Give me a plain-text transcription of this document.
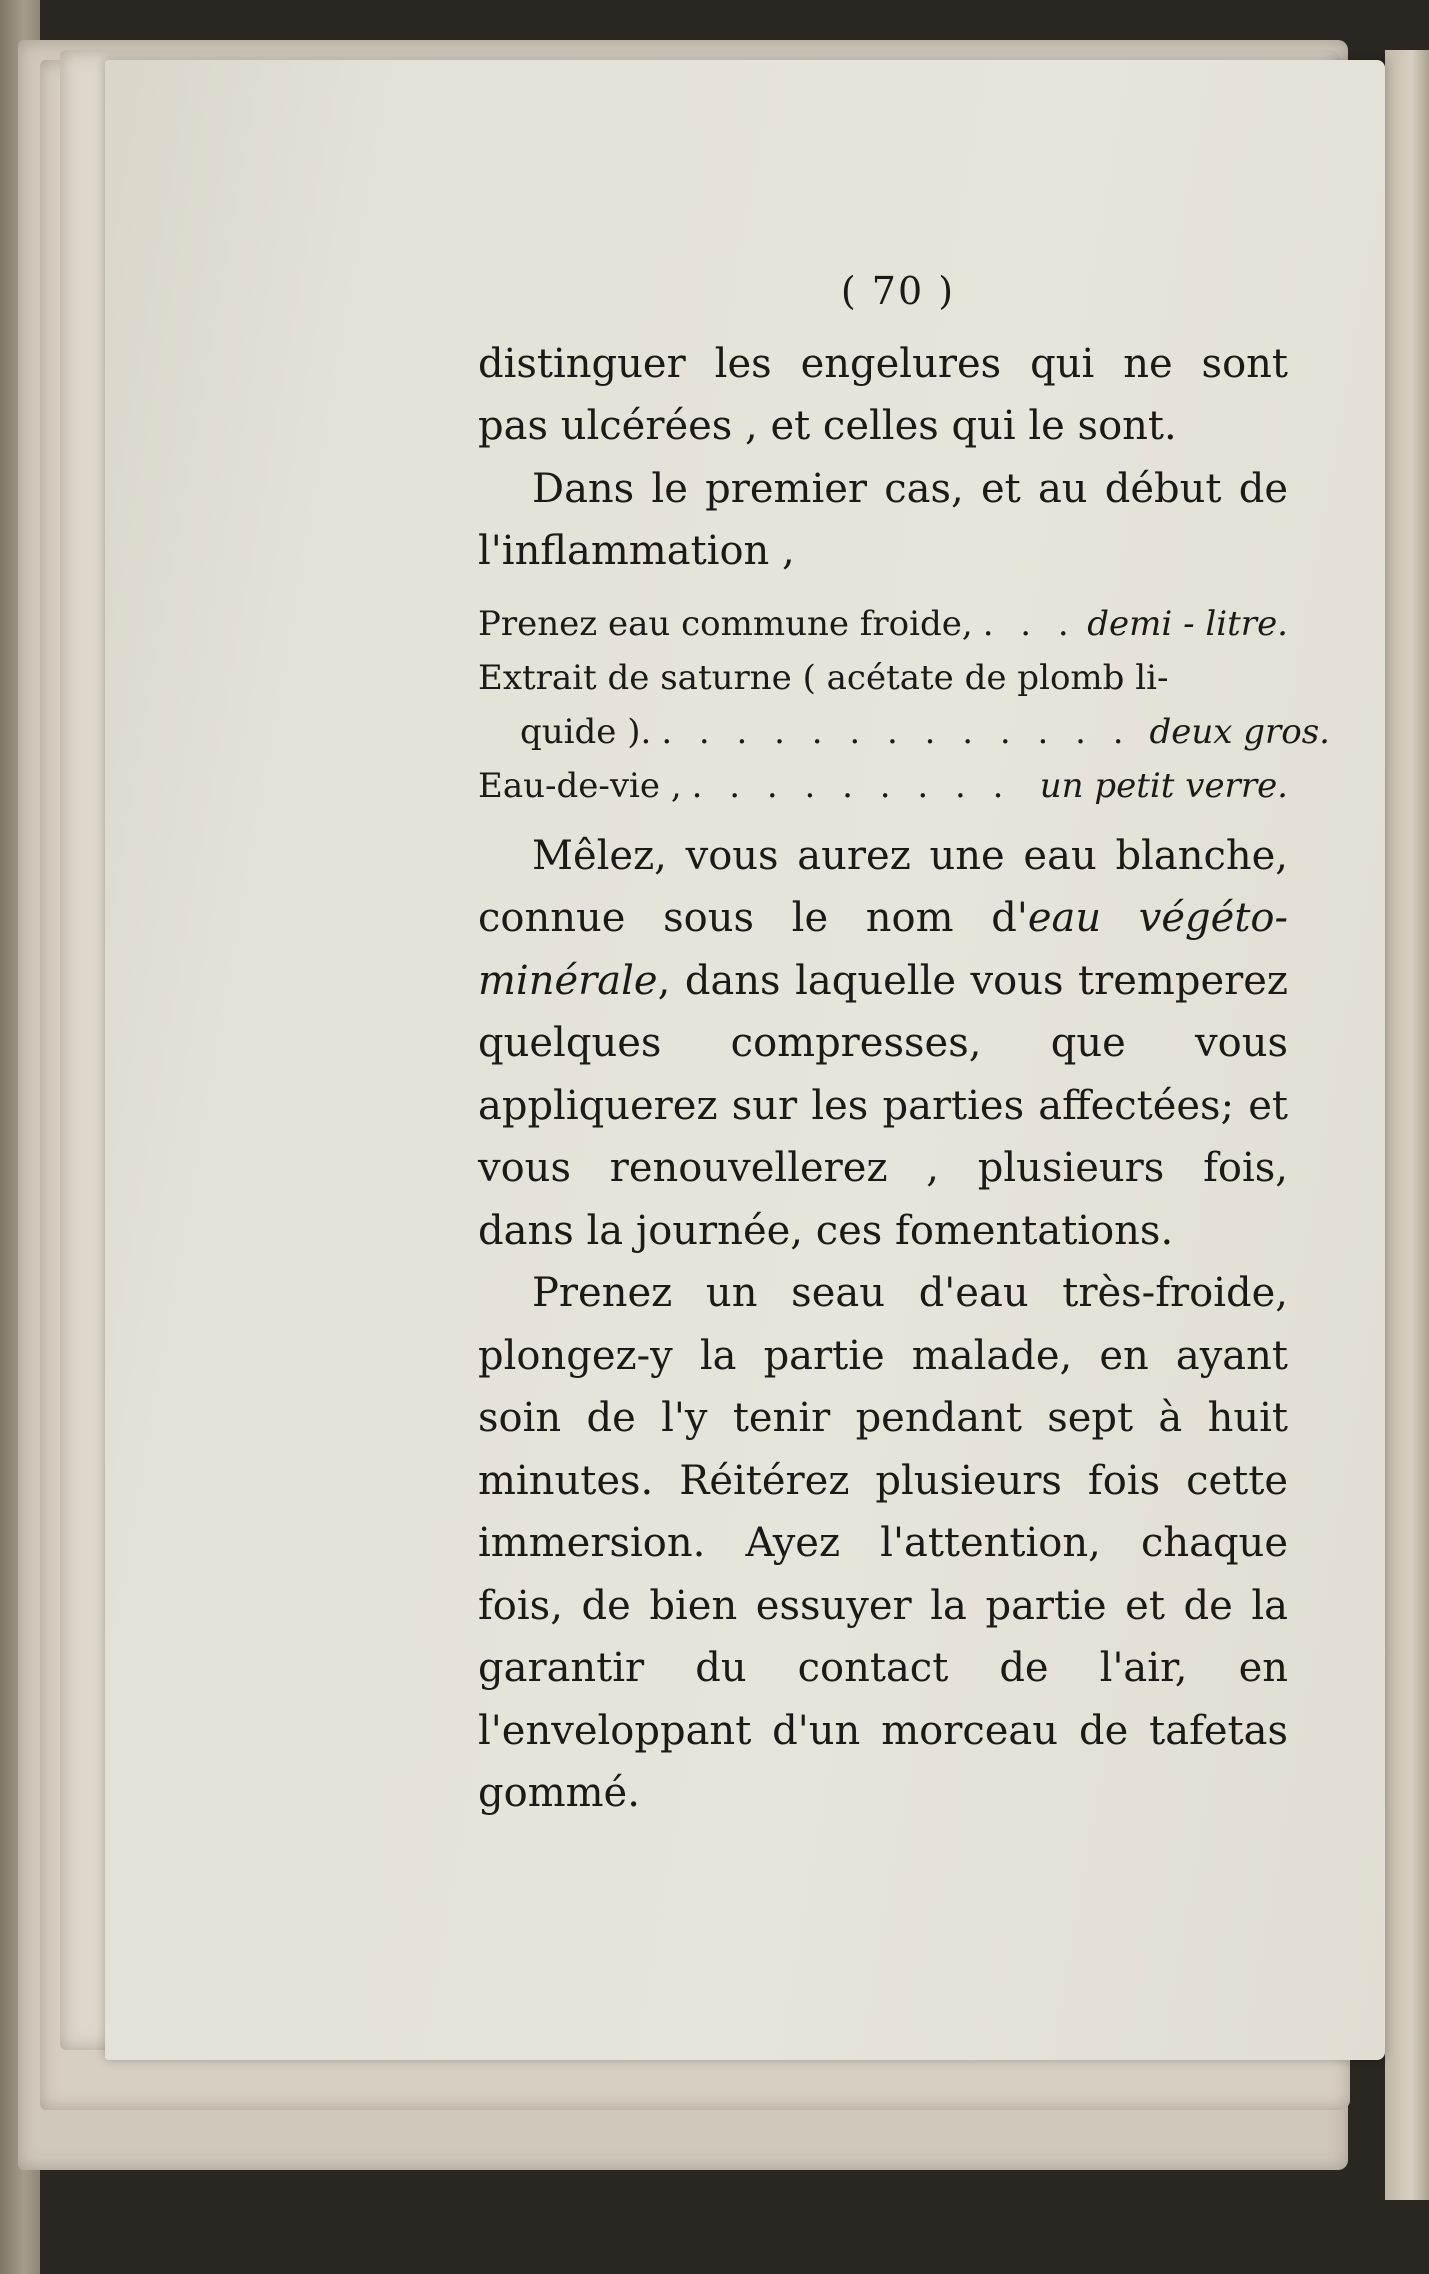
( 70 )

distinguer les engelures qui ne sont pas ulcérées , et celles qui le sont.

Dans le premier cas, et au début de l'inflammation ,

Prenez eau commune froide, . . .	demi - litre.
Extrait de saturne ( acétate de plomb li-
quide ). . . .	deux gros.
Eau-de-vie , . . .	un petit verre.

Mêlez, vous aurez une eau blanche, connue sous le nom d'eau végéto-minérale, dans laquelle vous tremperez quelques compresses, que vous appliquerez sur les parties affectées; et vous renouvellerez , plusieurs fois, dans la journée, ces fomentations.

Prenez un seau d'eau très-froide, plongez-y la partie malade, en ayant soin de l'y tenir pendant sept à huit minutes. Réitérez plusieurs fois cette immersion. Ayez l'attention, chaque fois, de bien essuyer la partie et de la garantir du contact de l'air, en l'enveloppant d'un morceau de tafetas gommé.
